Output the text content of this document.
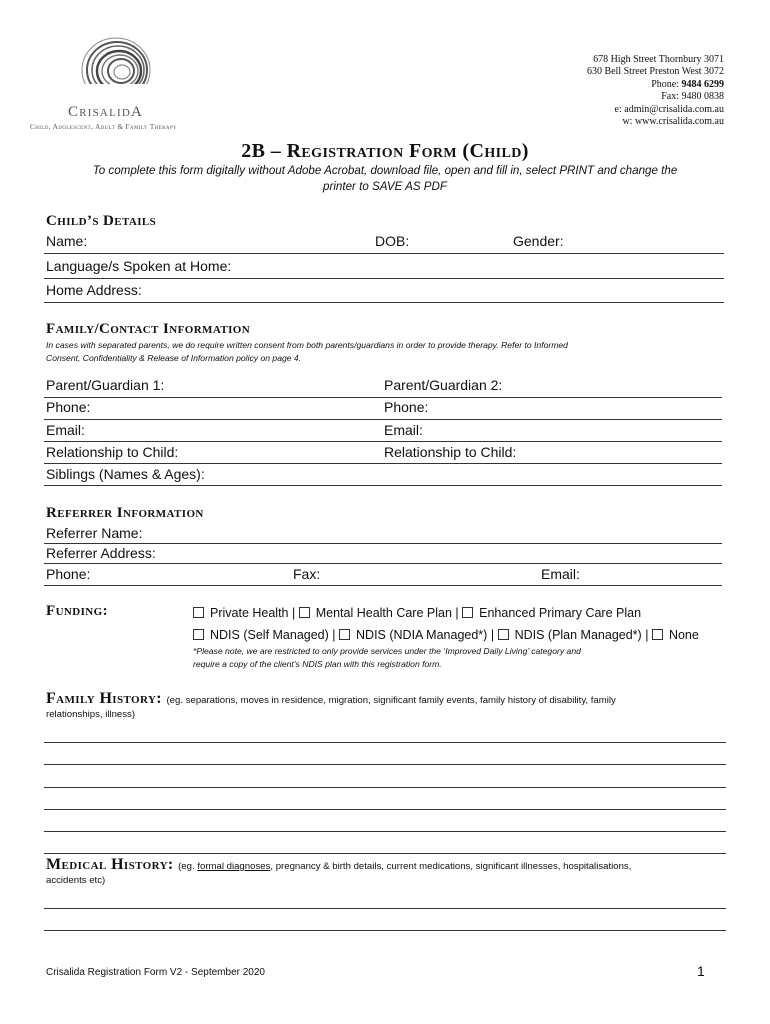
CrisalidA
Child, Adolescent, Adult & Family Therapy
678 High Street Thornbury 3071
630 Bell Street Preston West 3072
Phone: 9484 6299
Fax: 9480 0838
e: admin@crisalida.com.au
w: www.crisalida.com.au
2B – Registration Form (Child)
To complete this form digitally without Adobe Acrobat, download file, open and fill in, select PRINT and change the
printer to SAVE AS PDF
Child’s Details
Name:	DOB:	Gender:
Language/s Spoken at Home:
Home Address:
Family/Contact Information
In cases with separated parents, we do require written consent from both parents/guardians in order to provide therapy. Refer to Informed
Consent, Confidentiality & Release of Information policy on page 4.
Parent/Guardian 1:	Parent/Guardian 2:
Phone:	Phone:
Email:	Email:
Relationship to Child:	Relationship to Child:
Siblings (Names & Ages):
Referrer Information
Referrer Name:
Referrer Address:
Phone:	Fax:	Email:
Funding:	Private Health | Mental Health Care Plan | Enhanced Primary Care Plan
NDIS (Self Managed) | NDIS (NDIA Managed*) | NDIS (Plan Managed*) | None
*Please note, we are restricted to only provide services under the ‘Improved Daily Living’ category and
require a copy of the client’s NDIS plan with this registration form.
Family History: (eg. separations, moves in residence, migration, significant family events, family history of disability, family
relationships, illness)
Medical History: (eg. formal diagnoses, pregnancy & birth details, current medications, significant illnesses, hospitalisations,
accidents etc)
Crisalida Registration Form V2 - September 2020	1
